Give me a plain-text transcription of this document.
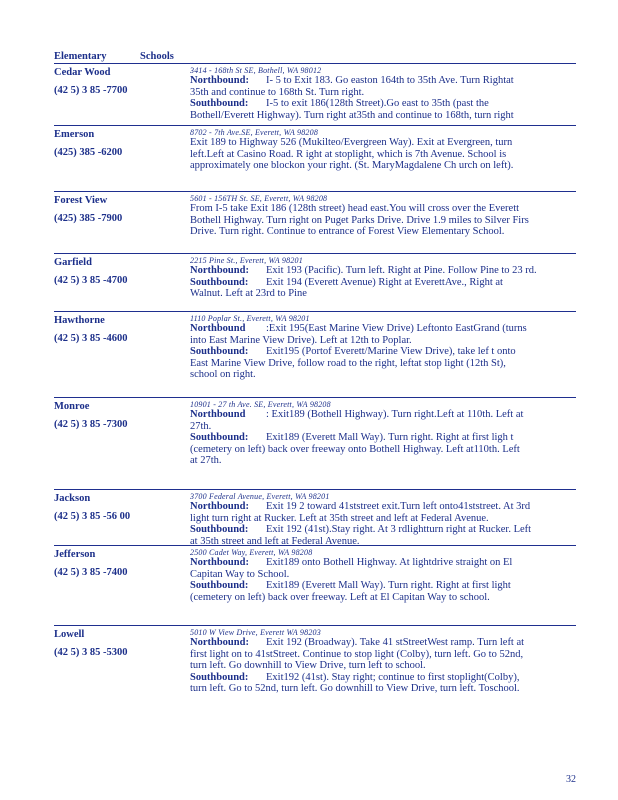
Elementary	Schools
Cedar Wood
(42 5) 3 85 -7700
3414 - 168th St SE, Bothell, WA 98012
Northbound: I- 5 to Exit 183. Go easton 164th to 35th Ave. Turn Rightat
35th and continue to 168th St. Turn right.
Southbound: I-5 to exit 186(128th Street).Go east to 35th (past the
Bothell/Everett Highway). Turn right at35th and continue to 168th, turn right
Emerson
(425) 385 -6200
8702 - 7th Ave.SE, Everett, WA 98208
Exit 189 to Highway 526 (Mukilteo/Evergreen Way). Exit at Evergreen, turn
left.Left at Casino Road. R ight at stoplight, which is 7th Avenue. School is
approximately one blockon your right. (St. MaryMagdalene Ch urch on left).
Forest View
(425) 385 -7900
5601 - 156TH St. SE, Everett, WA 98208
From I-5 take Exit 186 (128th street) head east.You will cross over the Everett
Bothell Highway. Turn right on Puget Parks Drive. Drive 1.9 miles to Silver Firs
Drive. Turn right. Continue to entrance of Forest View Elementary School.
Garfield
(42 5) 3 85 -4700
2215 Pine St., Everett, WA 98201
Northbound: Exit 193 (Pacific). Turn left. Right at Pine. Follow Pine to 23 rd.
Southbound: Exit 194 (Everett Avenue) Right at EverettAve., Right at
Walnut. Left at 23rd to Pine
Hawthorne
(42 5) 3 85 -4600
1110 Poplar St., Everett, WA 98201
Northbound :Exit 195(East Marine View Drive) Leftonto EastGrand (turns
into East Marine View Drive). Left at 12th to Poplar.
Southbound: Exit195 (Portof Everett/Marine View Drive), take lef t onto
East Marine View Drive, follow road to the right, leftat stop light (12th St),
school on right.
Monroe
(42 5) 3 85 -7300
10901 - 27 th Ave. SE, Everett, WA 98208
Northbound : Exit189 (Bothell Highway). Turn right.Left at 110th. Left at
27th.
Southbound: Exit189 (Everett Mall Way). Turn right. Right at first ligh t
(cemetery on left) back over freeway onto Bothell Highway. Left at110th. Left
at 27th.
Jackson
(42 5) 3 85 -56 00
3700 Federal Avenue, Everett, WA 98201
Northbound: Exit 19 2 toward 41ststreet exit.Turn left onto41ststreet. At 3rd
light turn right at Rucker. Left at 35th street and left at Federal Avenue.
Southbound: Exit 192 (41st).Stay right. At 3 rdlightturn right at Rucker. Left
at 35th street and left at Federal Avenue.
Jefferson
(42 5) 3 85 -7400
2500 Cadet Way, Everett, WA 98208
Northbound: Exit189 onto Bothell Highway. At lightdrive straight on El
Capitan Way to School.
Southbound: Exit189 (Everett Mall Way). Turn right. Right at first light
(cemetery on left) back over freeway. Left at El Capitan Way to school.
Lowell
(42 5) 3 85 -5300
5010 W View Drive, Everett WA 98203
Northbound: Exit 192 (Broadway). Take 41 stStreetWest ramp. Turn left at
first light on to 41stStreet. Continue to stop light (Colby), turn left. Go to 52nd,
turn left. Go downhill to View Drive, turn left to school.
Southbound: Exit192 (41st). Stay right; continue to first stoplight(Colby),
turn left. Go to 52nd, turn left. Go downhill to View Drive, turn left. Toschool.
32
